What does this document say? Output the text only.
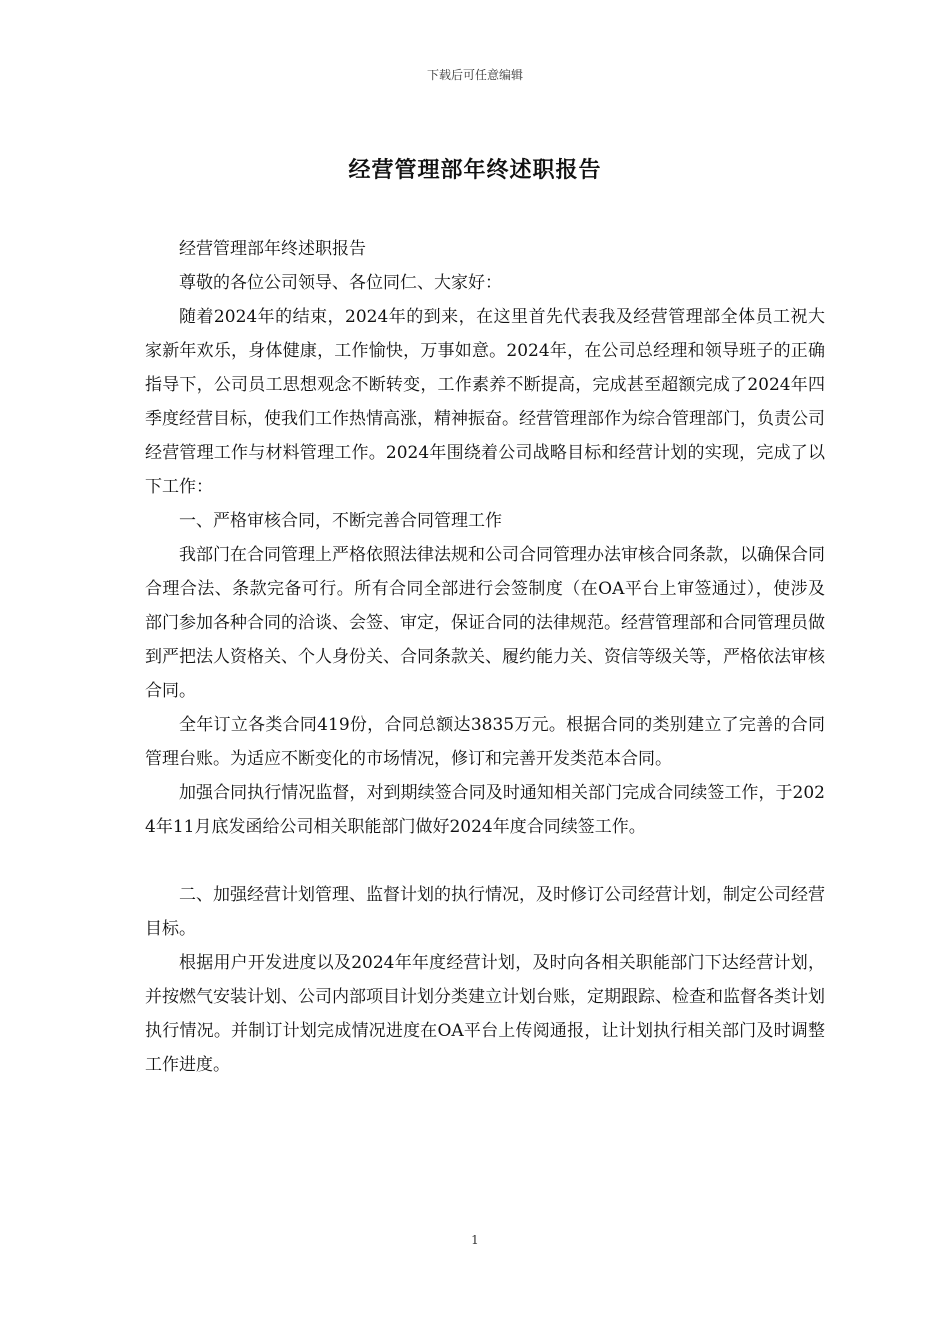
下载后可任意编辑
经营管理部年终述职报告

经营管理部年终述职报告

尊敬的各位公司领导、各位同仁、大家好：

随着2024年的结束，2024年的到来，在这里首先代表我及经营管理部全体员工祝大家新年欢乐，身体健康，工作愉快，万事如意。2024年，在公司总经理和领导班子的正确指导下，公司员工思想观念不断转变，工作素养不断提高，完成甚至超额完成了2024年四季度经营目标，使我们工作热情高涨，精神振奋。经营管理部作为综合管理部门，负责公司经营管理工作与材料管理工作。2024年围绕着公司战略目标和经营计划的实现，完成了以下工作：

一、严格审核合同，不断完善合同管理工作

我部门在合同管理上严格依照法律法规和公司合同管理办法审核合同条款，以确保合同合理合法、条款完备可行。所有合同全部进行会签制度（在OA平台上审签通过），使涉及部门参加各种合同的洽谈、会签、审定，保证合同的法律规范。经营管理部和合同管理员做到严把法人资格关、个人身份关、合同条款关、履约能力关、资信等级关等，严格依法审核合同。

全年订立各类合同419份，合同总额达3835万元。根据合同的类别建立了完善的合同管理台账。为适应不断变化的市场情况，修订和完善开发类范本合同。

加强合同执行情况监督，对到期续签合同及时通知相关部门完成合同续签工作，于2024年11月底发函给公司相关职能部门做好2024年度合同续签工作。

二、加强经营计划管理、监督计划的执行情况，及时修订公司经营计划，制定公司经营目标。

根据用户开发进度以及2024年年度经营计划，及时向各相关职能部门下达经营计划，并按燃气安装计划、公司内部项目计划分类建立计划台账，定期跟踪、检查和监督各类计划执行情况。并制订计划完成情况进度在OA平台上传阅通报，让计划执行相关部门及时调整工作进度。

1
